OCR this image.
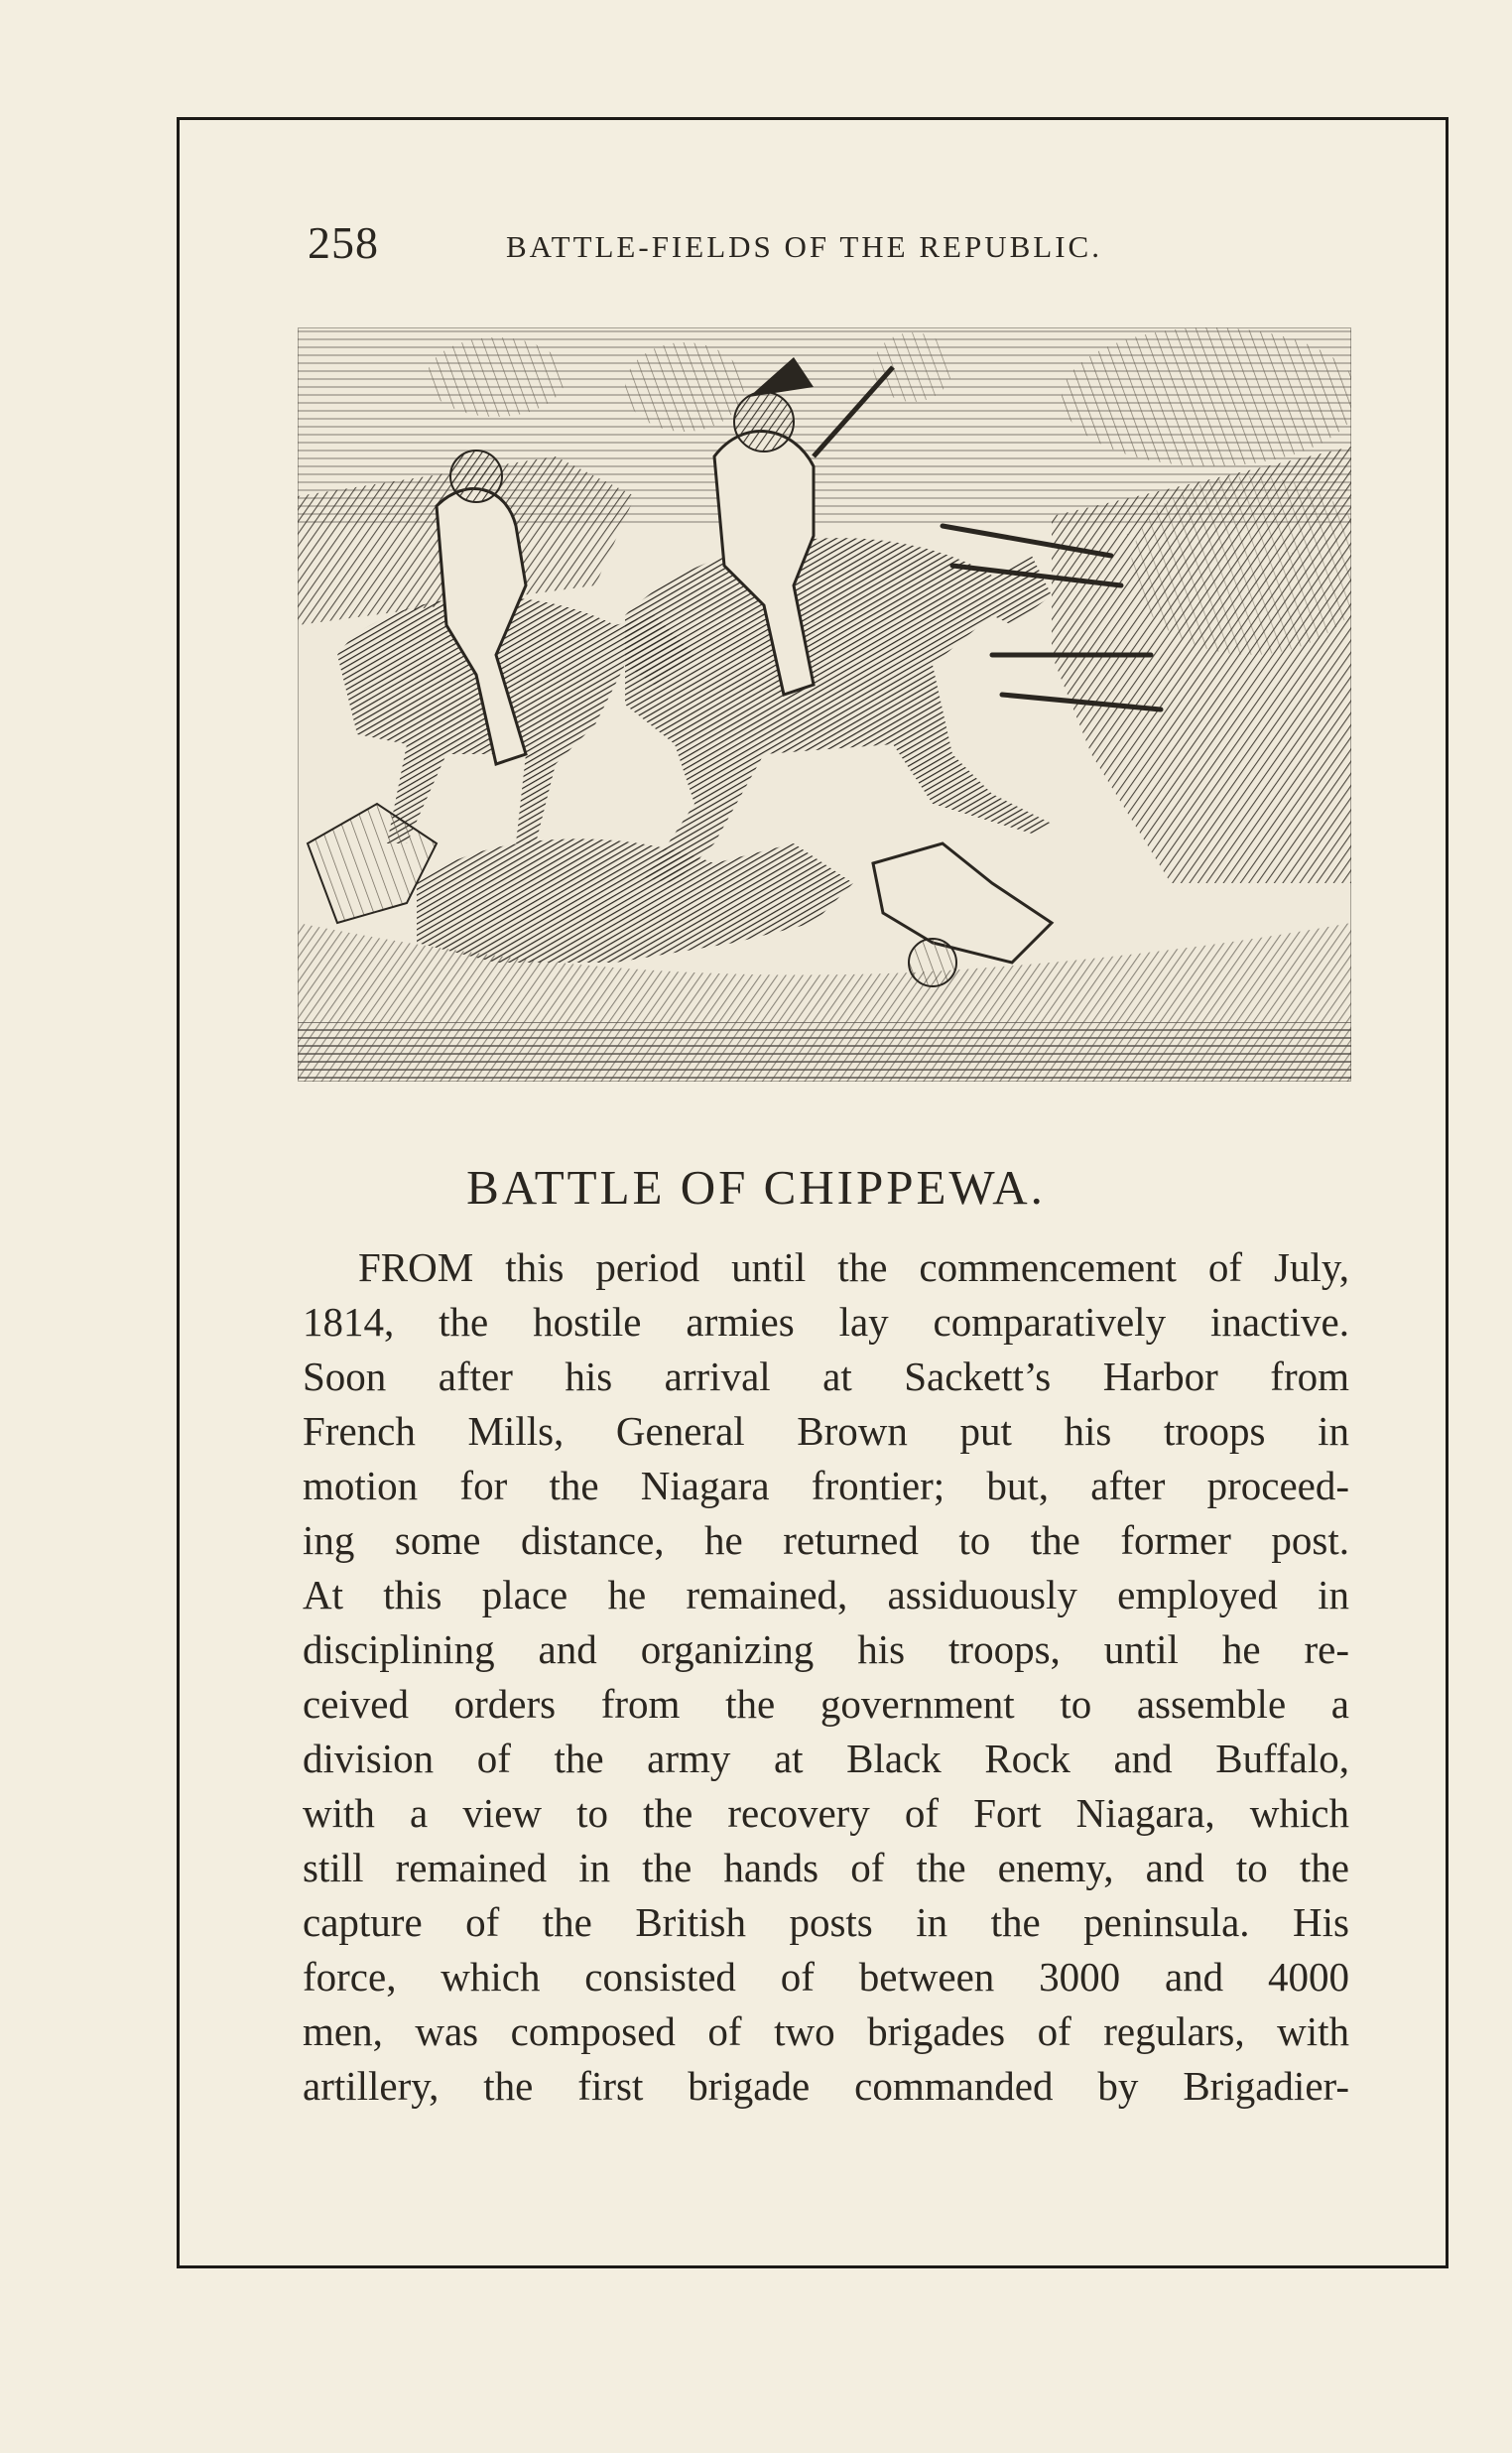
258	BATTLE-FIELDS OF THE REPUBLIC.
BATTLE OF CHIPPEWA.
FROM this period until the commencement of July,
1814, the hostile armies lay comparatively inactive.
Soon after his arrival at Sackett’s Harbor from
French Mills, General Brown put his troops in
motion for the Niagara frontier; but, after proceed-
ing some distance, he returned to the former post.
At this place he remained, assiduously employed in
disciplining and organizing his troops, until he re-
ceived orders from the government to assemble a
division of the army at Black Rock and Buffalo,
with a view to the recovery of Fort Niagara, which
still remained in the hands of the enemy, and to the
capture of the British posts in the peninsula. His
force, which consisted of between 3000 and 4000
men, was composed of two brigades of regulars, with
artillery, the first brigade commanded by Brigadier-
